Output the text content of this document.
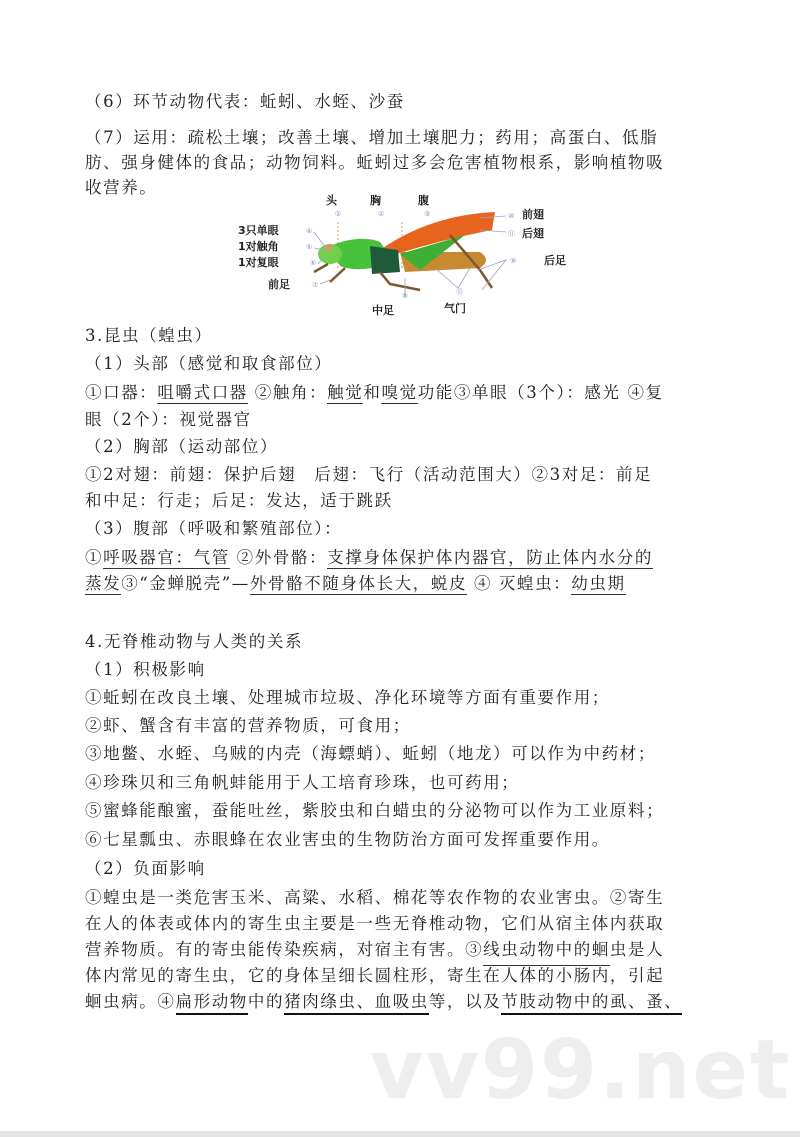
（6）环节动物代表：蚯蚓、水蛭、沙蚕
（7）运用：疏松土壤；改善土壤、增加土壤肥力；药用；高蛋白、低脂
肪、强身健体的食品；动物饲料。蚯蚓过多会危害植物根系，影响植物吸
收营养。
头	胸	腹
3只单眼
1对触角
1对复眼
前足
中足	气门
前翅
后翅
后足
①	②	③
④
⑤
⑥
⑦
⑧
⑨
⑩
⑪
⑮
3.昆虫（蝗虫）
（1）头部（感觉和取食部位）
①口器：咀嚼式口器 ②触角：触觉和嗅觉功能③单眼（3个）：感光 ④复
眼（2个）：视觉器官
（2）胸部（运动部位）
①2对翅：前翅：保护后翅　后翅：飞行（活动范围大）②3对足：前足
和中足：行走；后足：发达，适于跳跃
（3）腹部（呼吸和繁殖部位）：
①呼吸器官：气管 ②外骨骼：支撑身体保护体内器官，防止体内水分的
蒸发③“金蝉脱壳”—外骨骼不随身体长大，蜕皮 ④ 灭蝗虫：幼虫期
4.无脊椎动物与人类的关系
（1）积极影响
①蚯蚓在改良土壤、处理城市垃圾、净化环境等方面有重要作用；
②虾、蟹含有丰富的营养物质，可食用；
③地鳖、水蛭、乌贼的内壳（海螵蛸）、蚯蚓（地龙）可以作为中药材；
④珍珠贝和三角帆蚌能用于人工培育珍珠，也可药用；
⑤蜜蜂能酿蜜，蚕能吐丝，紫胶虫和白蜡虫的分泌物可以作为工业原料；
⑥七星瓢虫、赤眼蜂在农业害虫的生物防治方面可发挥重要作用。
（2）负面影响
①蝗虫是一类危害玉米、高粱、水稻、棉花等农作物的农业害虫。②寄生
在人的体表或体内的寄生虫主要是一些无脊椎动物，它们从宿主体内获取
营养物质。有的寄虫能传染疾病，对宿主有害。③线虫动物中的蛔虫是人
体内常见的寄生虫，它的身体呈细长圆柱形，寄生在人体的小肠内，引起
蛔虫病。④扁形动物中的猪肉绦虫、血吸虫等，以及节肢动物中的虱、蚤、
vv99.net
